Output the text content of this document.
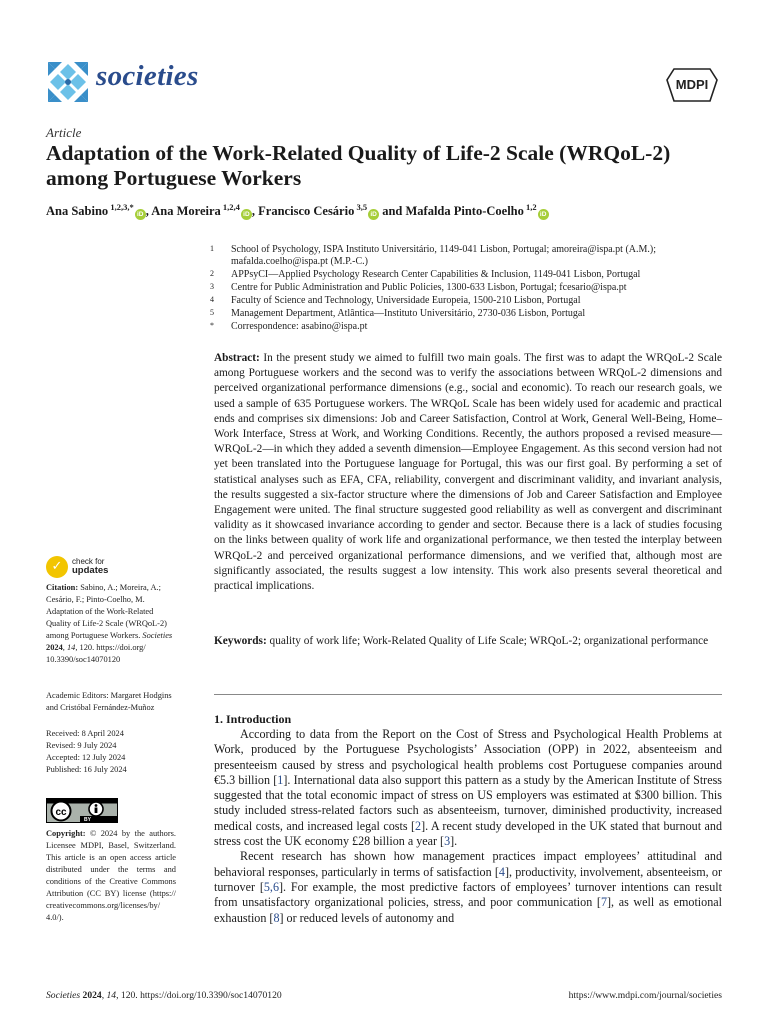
societies	MDPI
Article
Adaptation of the Work-Related Quality of Life-2 Scale (WRQoL-2) among Portuguese Workers
Ana Sabino $^{1,2,3,*}$iD , Ana Moreira $^{1,2,4}$iD , Francisco Cesário $^{3,5}$iD and Mafalda Pinto-Coelho $^{1,2}$iD
1 School of Psychology, ISPA Instituto Universitário, 1149-041 Lisbon, Portugal; amoreira@ispa.pt (A.M.); mafalda.coelho@ispa.pt (M.P.-C.)
2 APPsyCI—Applied Psychology Research Center Capabilities & Inclusion, 1149-041 Lisbon, Portugal
3 Centre for Public Administration and Public Policies, 1300-633 Lisbon, Portugal; fcesario@ispa.pt
4 Faculty of Science and Technology, Universidade Europeia, 1500-210 Lisbon, Portugal
5 Management Department, Atlântica—Instituto Universitário, 2730-036 Lisbon, Portugal
* Correspondence: asabino@ispa.pt
Abstract: In the present study we aimed to fulfill two main goals. The first was to adapt the WRQoL-2 Scale among Portuguese workers and the second was to verify the associations between WRQoL-2 dimensions and perceived organizational performance dimensions (e.g., social and economic). To reach our research goals, we used a sample of 635 Portuguese workers. The WRQoL Scale has been widely used for academic and practical ends and comprises six dimensions: Job and Career Satisfaction, Control at Work, General Well-Being, Home–Work Interface, Stress at Work, and Working Conditions. Recently, the authors proposed a revised measure—WRQoL-2—in which they added a seventh dimension—Employee Engagement. As this second version had not yet been translated into the Portuguese language for Portugal, this was our first goal. By performing a set of statistical analyses such as EFA, CFA, reliability, convergent and discriminant validity, and invariant analysis, the results suggested a six-factor structure where the dimensions of Job and Career Satisfaction and Employee Engagement were united. The final structure suggested good reliability as well as convergent and discriminant validity as it showcased invariance according to gender and sector. Because there is a lack of studies focusing on the links between quality of work life and organizational performance, we then tested the interplay between WRQoL-2 and perceived organizational performance dimensions, and we verified that, although most are significantly associated, the results suggest a low intensity. This work also presents several theoretical and practical implications.
Keywords: quality of work life; Work-Related Quality of Life Scale; WRQoL-2; organizational performance
1. Introduction

According to data from the Report on the Cost of Stress and Psychological Health Problems at Work, produced by the Portuguese Psychologists’ Association (OPP) in 2022, absenteeism and presenteeism caused by stress and psychological health problems cost Portuguese companies around €5.3 billion [1]. International data also support this pattern as a study by the American Institute of Stress suggested that the total economic impact of stress on US employers was estimated at $300 billion. This study included stress-related factors such as absenteeism, turnover, diminished productivity, increased medical costs, and increased legal costs [2]. A recent study developed in the UK stated that burnout and stress cost the UK economy £28 billion a year [3].

Recent research has shown how management practices impact employees’ attitudinal and behavioral responses, particularly in terms of satisfaction [4], productivity, involvement, absenteeism, or turnover [5,6]. For example, the most predictive factors of employees’ turnover intentions can result from unsatisfactory organizational policies, stress, and poor communication [7], as well as emotional exhaustion [8] or reduced levels of autonomy and

✓	check for
updates
Citation: Sabino, A.; Moreira, A.; Cesário, F.; Pinto-Coelho, M. Adaptation of the Work-Related Quality of Life-2 Scale (WRQoL-2) among Portuguese Workers. Societies 2024, 14, 120. https://doi.org/ 10.3390/soc14070120
Academic Editors: Margaret Hodgins and Cristóbal Fernández-Muñoz
Received: 8 April 2024
Revised: 9 July 2024
Accepted: 12 July 2024
Published: 16 July 2024
cc
BY
Copyright: © 2024 by the authors. Licensee MDPI, Basel, Switzerland. This article is an open access article distributed under the terms and conditions of the Creative Commons Attribution (CC BY) license (https:// creativecommons.org/licenses/by/ 4.0/).
Societies 2024, 14, 120. https://doi.org/10.3390/soc14070120	https://www.mdpi.com/journal/societies
